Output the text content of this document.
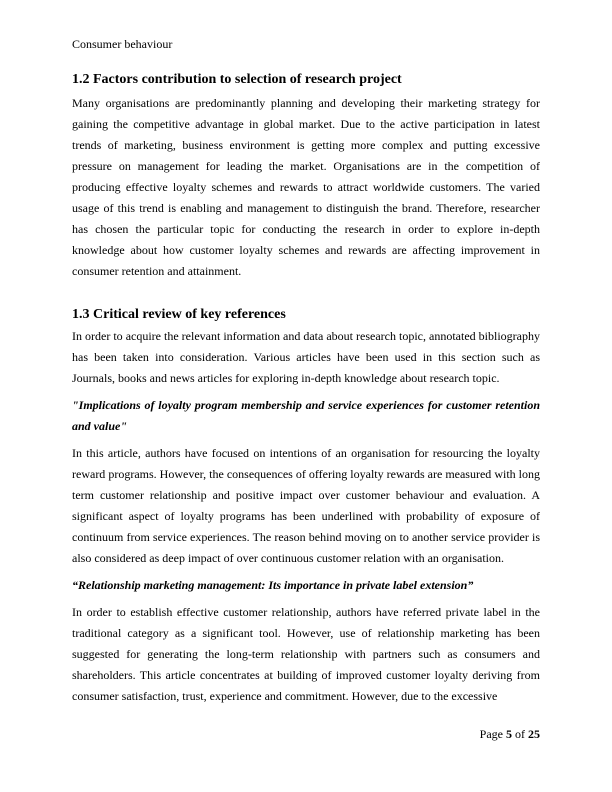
Consumer behaviour
1.2 Factors contribution to selection of research project

Many organisations are predominantly planning and developing their marketing strategy for gaining the competitive advantage in global market. Due to the active participation in latest trends of marketing, business environment is getting more complex and putting excessive pressure on management for leading the market. Organisations are in the competition of producing effective loyalty schemes and rewards to attract worldwide customers. The varied usage of this trend is enabling and management to distinguish the brand. Therefore, researcher has chosen the particular topic for conducting the research in order to explore in-depth knowledge about how customer loyalty schemes and rewards are affecting improvement in consumer retention and attainment.

1.3 Critical review of key references

In order to acquire the relevant information and data about research topic, annotated bibliography has been taken into consideration. Various articles have been used in this section such as Journals, books and news articles for exploring in-depth knowledge about research topic.

"Implications of loyalty program membership and service experiences for customer retention and value"

In this article, authors have focused on intentions of an organisation for resourcing the loyalty reward programs. However, the consequences of offering loyalty rewards are measured with long term customer relationship and positive impact over customer behaviour and evaluation. A significant aspect of loyalty programs has been underlined with probability of exposure of continuum from service experiences. The reason behind moving on to another service provider is also considered as deep impact of over continuous customer relation with an organisation.

“Relationship marketing management: Its importance in private label extension”

In order to establish effective customer relationship, authors have referred private label in the traditional category as a significant tool. However, use of relationship marketing has been suggested for generating the long-term relationship with partners such as consumers and shareholders. This article concentrates at building of improved customer loyalty deriving from consumer satisfaction, trust, experience and commitment. However, due to the excessive

Page 5 of 25
